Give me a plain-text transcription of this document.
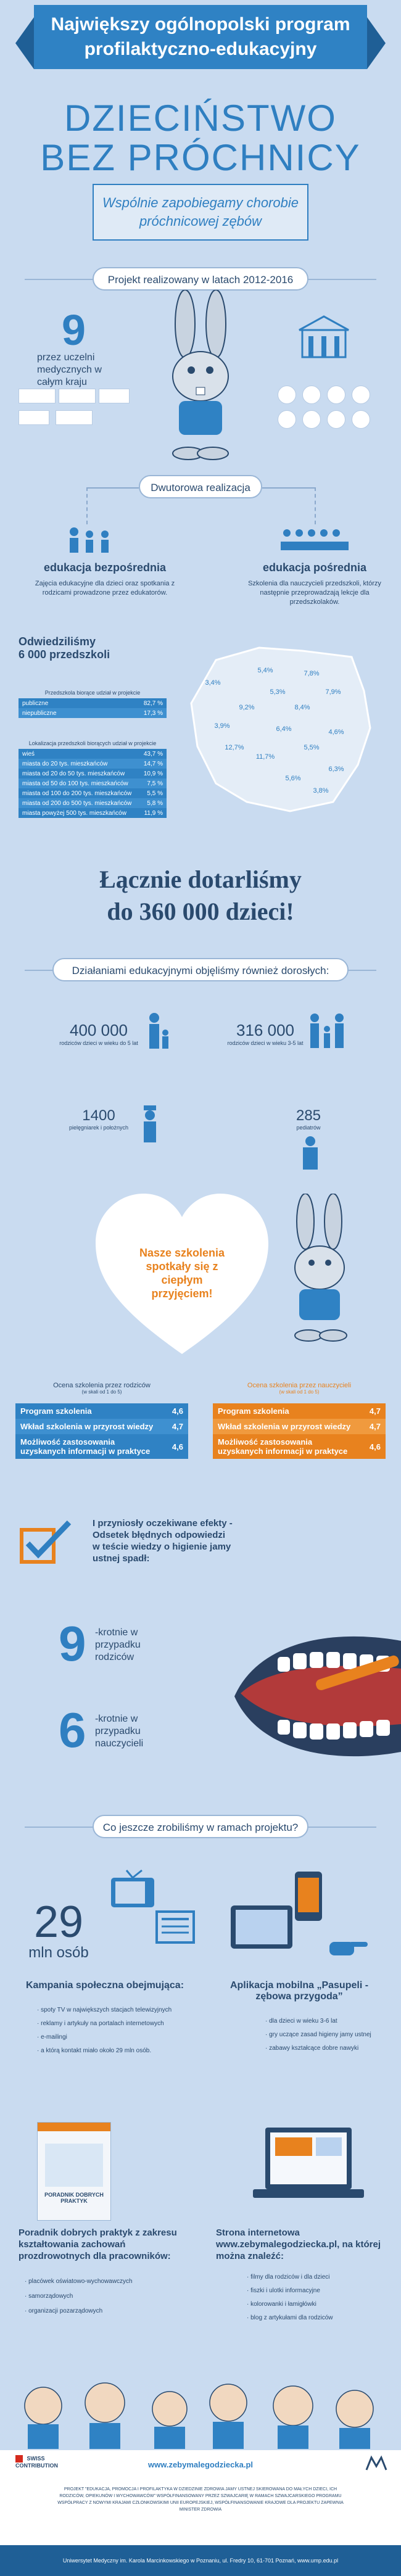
Największy ogólnopolski program profilaktyczno-edukacyjny
DZIECIŃSTWO
BEZ PRÓCHNICY
Wspólnie zapobiegamy chorobie próchnicowej zębów
Projekt realizowany w latach 2012-2016
9
przez uczelni medycznych w całym kraju
Dwutorowa realizacja
edukacja bezpośrednia
Zajęcia edukacyjne dla dzieci oraz spotkania z rodzicami prowadzone przez edukatorów.
edukacja pośrednia
Szkolenia dla nauczycieli przedszkoli, którzy następnie przeprowadzają lekcje dla przedszkolaków.
Odwiedziliśmy
6 000 przedszkoli
Przedszkola biorące udział w projekcie
publiczne	82,7 %
niepubliczne	17,3 %
Lokalizacja przedszkoli biorących udział w projekcie
wieś	43,7 %
miasta do 20 tys. mieszkańców	14,7 %
miasta od 20 do 50 tys. mieszkańców	10,9 %
miasta od 50 do 100 tys. mieszkańców	7,5 %
miasta od 100 do 200 tys. mieszkańców	5,5 %
miasta od 200 do 500 tys. mieszkańców	5,8 %
miasta powyżej 500 tys. mieszkańców	11,9 %
5,4%	7,8%
7,9%
3,4%
5,3%
9,2%	8,4%
3,9%	6,4%
12,7%
4,6%
11,7%
5,5%
6,3%
5,6%
3,8%
Łącznie dotarliśmy
do 360 000 dzieci!
Działaniami edukacyjnymi objęliśmy również dorosłych:
400 000
rodziców dzieci w wieku do 5 lat
316 000
rodziców dzieci w wieku 3-5 lat
1400
pielęgniarek i położnych
285
pediatrów
Nasze szkolenia spotkały się z ciepłym przyjęciem!
Ocena szkolenia przez rodziców
(w skali od 1 do 5)
Program szkolenia	4,6
Wkład szkolenia w przyrost wiedzy	4,7
Możliwość zastosowania uzyskanych informacji w praktyce	4,6
Ocena szkolenia przez nauczycieli
(w skali od 1 do 5)
Program szkolenia	4,7
Wkład szkolenia w przyrost wiedzy	4,7
Możliwość zastosowania uzyskanych informacji w praktyce	4,6
I przyniosły oczekiwane efekty - Odsetek błędnych odpowiedzi w teście wiedzy o higienie jamy ustnej spadł:
9 -krotnie w przypadku rodziców
6 -krotnie w przypadku nauczycieli
Co jeszcze zrobiliśmy w ramach projektu?
29
mln osób
Kampania społeczna obejmująca:
· spoty TV w największych stacjach telewizyjnych
· reklamy i artykuły na portalach internetowych
· e-mailingi
· a którą kontakt miało około 29 mln osób.
Aplikacja mobilna „Pasupeli - zębowa przygoda”
· dla dzieci w wieku 3-6 lat
· gry uczące zasad higieny jamy ustnej
· zabawy kształcące dobre nawyki
PORADNIK DOBRYCH PRAKTYK
Poradnik dobrych praktyk z zakresu kształtowania zachowań prozdrowotnych dla pracowników:
· placówek oświatowo-wychowawczych
· samorządowych
· organizacji pozarządowych
Strona internetowa www.zebymalegodziecka.pl, na której można znaleźć:
· filmy dla rodziców i dla dzieci
· fiszki i ulotki informacyjne
· kolorowanki i łamigłówki
· blog z artykułami dla rodziców
SWISS CONTRIBUTION	www.zebymalegodziecka.pl
PROJEKT "EDUKACJA, PROMOCJA I PROFILAKTYKA W DZIEDZINIE ZDROWIA JAMY USTNEJ SKIEROWANA DO MAŁYCH DZIECI, ICH RODZICÓW, OPIEKUNÓW I WYCHOWAWCÓW" WSPÓŁFINANSOWANY PRZEZ SZWAJCARIĘ W RAMACH SZWAJCARSKIEGO PROGRAMU WSPÓŁPRACY Z NOWYMI KRAJAMI CZŁONKOWSKIMI UNII EUROPEJSKIEJ, WSPÓŁFINANSOWANIE KRAJOWE DLA PROJEKTU ZAPEWNIA MINISTER ZDROWIA
Uniwersytet Medyczny im. Karola Marcinkowskiego w Poznaniu, ul. Fredry 10, 61-701 Poznań, www.ump.edu.pl
